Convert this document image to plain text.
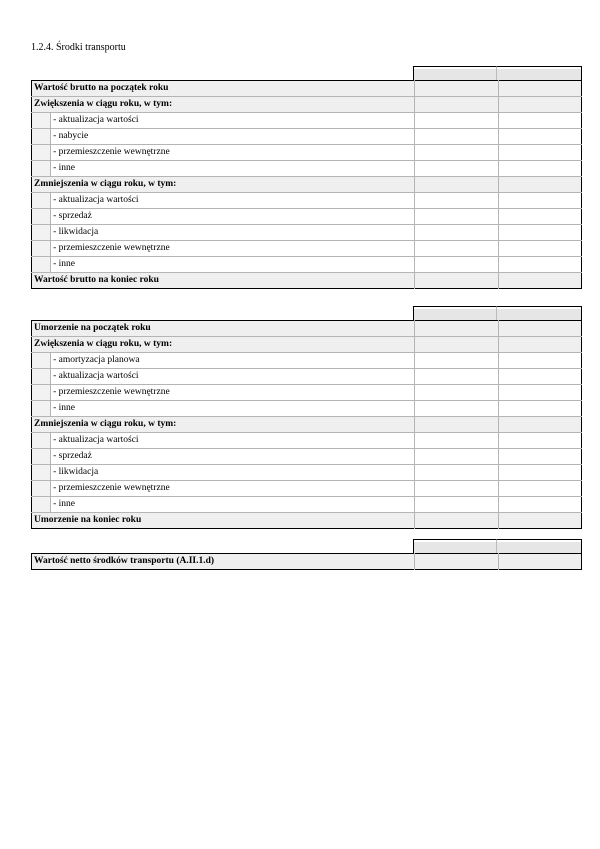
1.2.4. Środki transportu
Wartość brutto na początek roku			
Zwiększenia w ciągu roku, w tym:			
	- aktualizacja wartości		
	- nabycie		
	- przemieszczenie wewnętrzne		
	- inne		
Zmniejszenia w ciągu roku, w tym:			
	- aktualizacja wartości		
	- sprzedaż		
	- likwidacja		
	- przemieszczenie wewnętrzne		
	- inne		
Wartość brutto na koniec roku			
Umorzenie na początek roku			
Zwiększenia w ciągu roku, w tym:			
	- amortyzacja planowa		
	- aktualizacja wartości		
	- przemieszczenie wewnętrzne		
	- inne		
Zmniejszenia w ciągu roku, w tym:			
	- aktualizacja wartości		
	- sprzedaż		
	- likwidacja		
	- przemieszczenie wewnętrzne		
	- inne		
Umorzenie na koniec roku			
Wartość netto środków transportu (A.II.1.d)		
